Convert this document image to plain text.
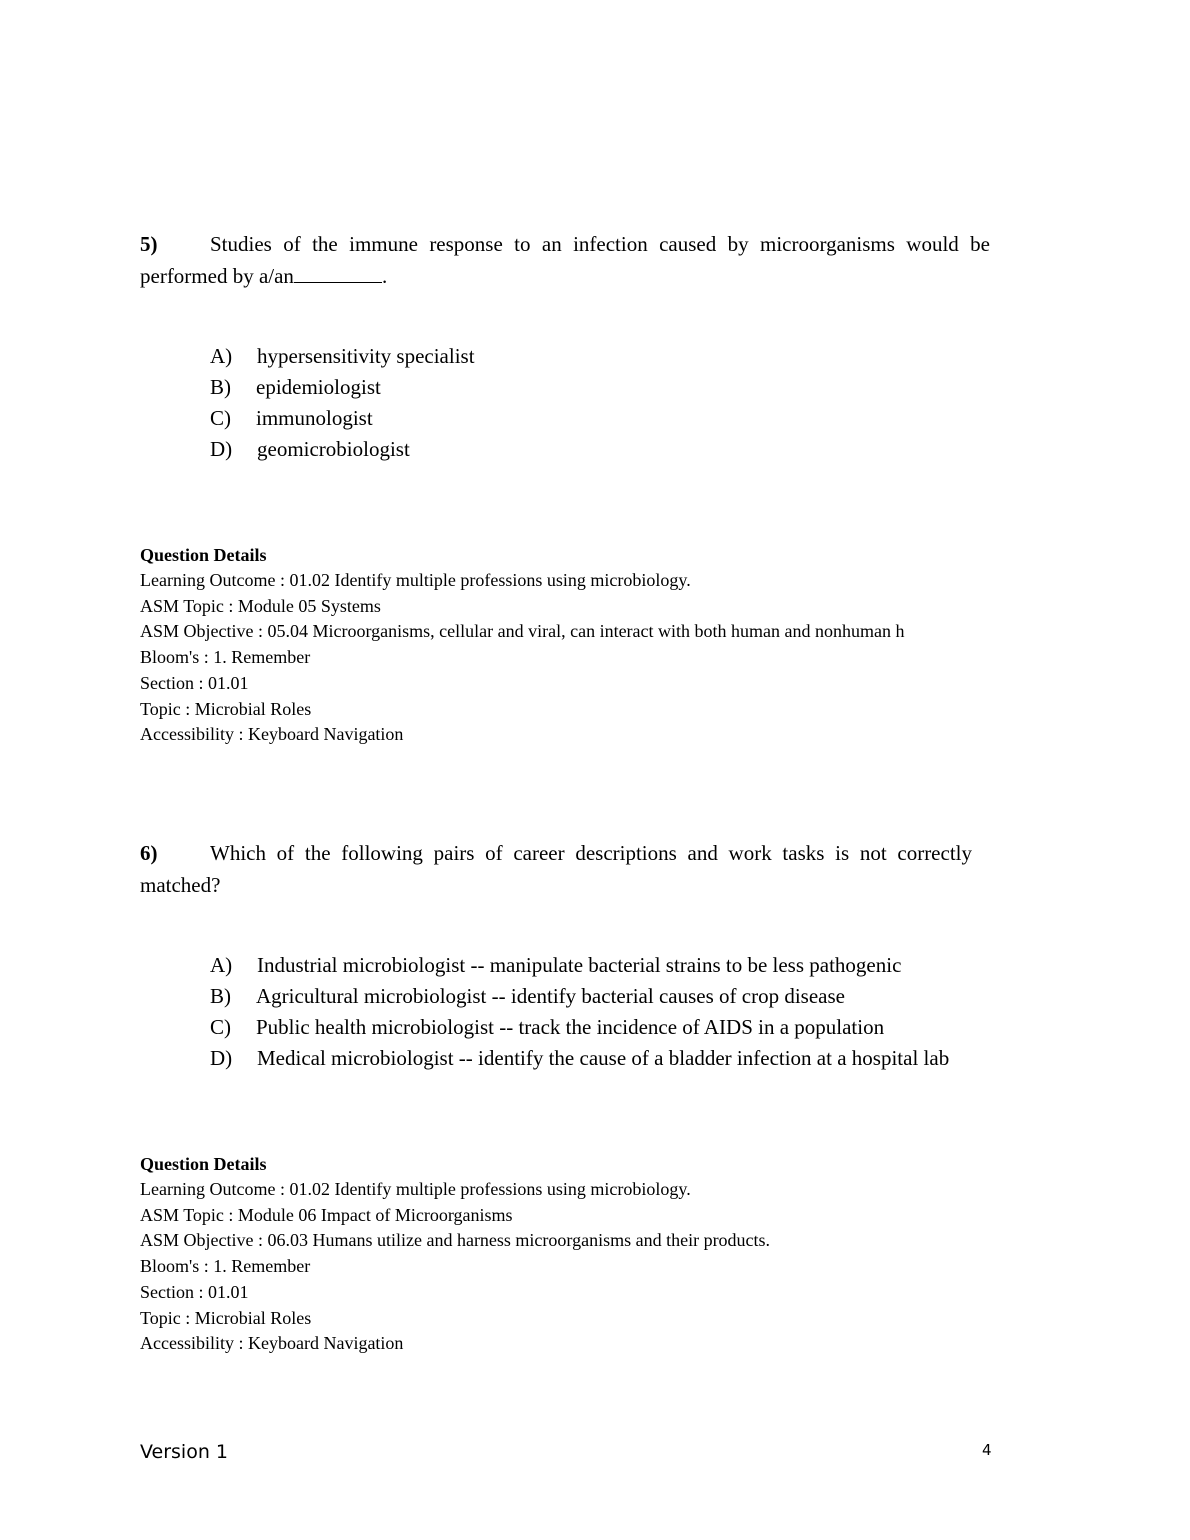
5)	Studies of the immune response to an infection caused by microorganisms would be performed by a/an	.

A) hypersensitivity specialist
B) epidemiologist
C) immunologist
D) geomicrobiologist
Question Details
Learning Outcome : 01.02 Identify multiple professions using microbiology.
ASM Topic : Module 05 Systems
ASM Objective : 05.04 Microorganisms, cellular and viral, can interact with both human and nonhuman h
Bloom's : 1. Remember
Section : 01.01
Topic : Microbial Roles
Accessibility : Keyboard Navigation

6)	Which of the following pairs of career descriptions and work tasks is not correctly matched?

A) Industrial microbiologist -- manipulate bacterial strains to be less pathogenic
B) Agricultural microbiologist -- identify bacterial causes of crop disease
C) Public health microbiologist -- track the incidence of AIDS in a population
D) Medical microbiologist -- identify the cause of a bladder infection at a hospital lab
Question Details
Learning Outcome : 01.02 Identify multiple professions using microbiology.
ASM Topic : Module 06 Impact of Microorganisms
ASM Objective : 06.03 Humans utilize and harness microorganisms and their products.
Bloom's : 1. Remember
Section : 01.01
Topic : Microbial Roles
Accessibility : Keyboard Navigation
Version 1	4
